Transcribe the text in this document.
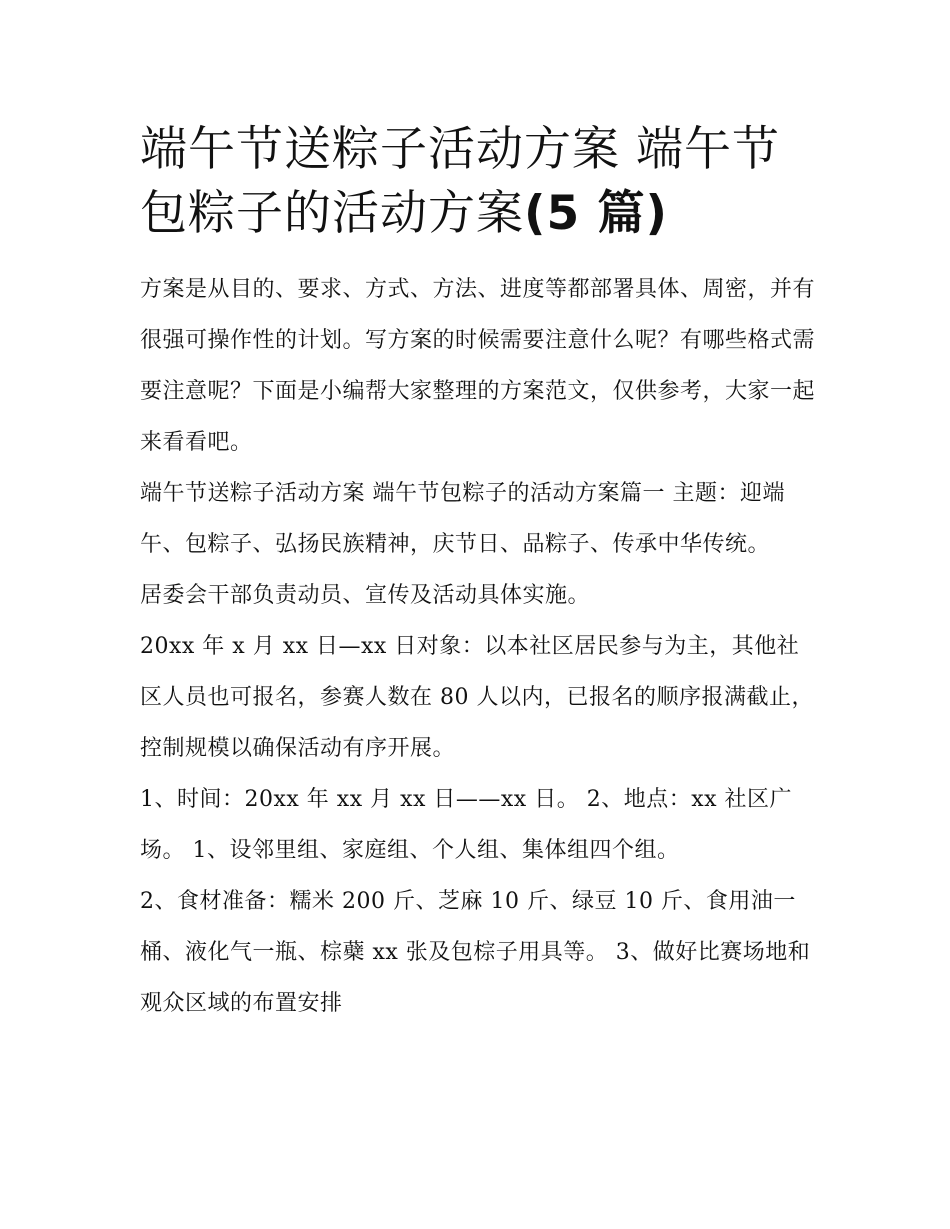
端午节送粽子活动方案 端午节包粽子的活动方案(5 篇)

方案是从目的、要求、方式、方法、进度等都部署具体、周密，并有很强可操作性的计划。写方案的时候需要注意什么呢？有哪些格式需要注意呢？下面是小编帮大家整理的方案范文，仅供参考，大家一起来看看吧。

端午节送粽子活动方案 端午节包粽子的活动方案篇一 主题：迎端午、包粽子、弘扬民族精神，庆节日、品粽子、传承中华传统。

居委会干部负责动员、宣传及活动具体实施。

20xx 年 x 月 xx 日—xx 日对象：以本社区居民参与为主，其他社区人员也可报名，参赛人数在 80 人以内，已报名的顺序报满截止，控制规模以确保活动有序开展。

1、时间：20xx 年 xx 月 xx 日——xx 日。 2、地点：xx 社区广场。 1、设邻里组、家庭组、个人组、集体组四个组。

2、食材准备：糯米 200 斤、芝麻 10 斤、绿豆 10 斤、食用油一桶、液化气一瓶、棕蘗 xx 张及包棕子用具等。 3、做好比赛场地和观众区域的布置安排
